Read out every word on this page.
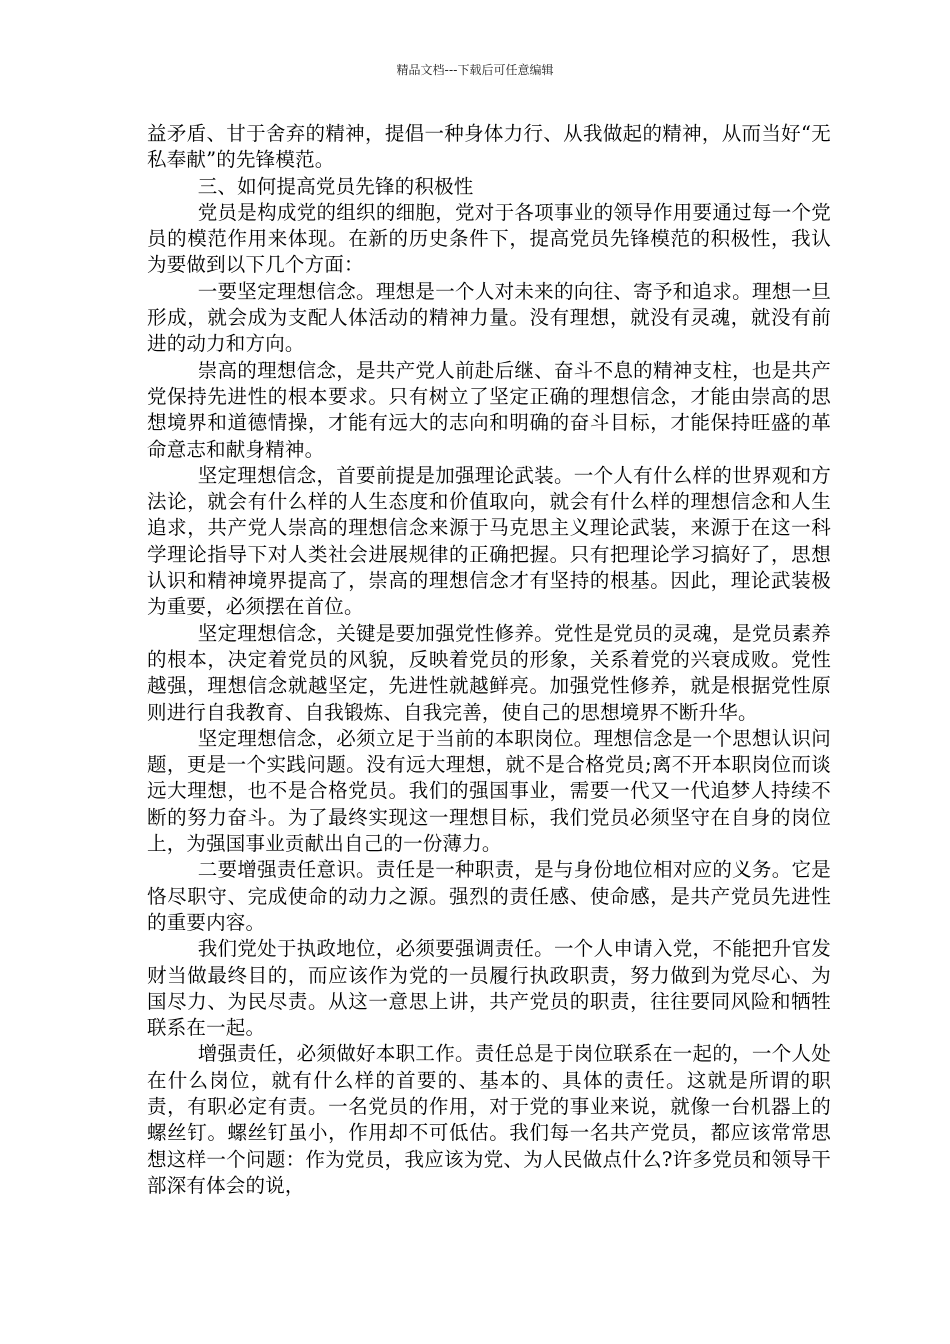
精品文档---下载后可任意编辑

益矛盾、甘于舍弃的精神，提倡一种身体力行、从我做起的精神，从而当好“无私奉献”的先锋模范。

三、如何提高党员先锋的积极性

党员是构成党的组织的细胞，党对于各项事业的领导作用要通过每一个党员的模范作用来体现。在新的历史条件下，提高党员先锋模范的积极性，我认为要做到以下几个方面：

一要坚定理想信念。理想是一个人对未来的向往、寄予和追求。理想一旦形成，就会成为支配人体活动的精神力量。没有理想，就没有灵魂，就没有前进的动力和方向。

崇高的理想信念，是共产党人前赴后继、奋斗不息的精神支柱，也是共产党保持先进性的根本要求。只有树立了坚定正确的理想信念，才能由崇高的思想境界和道德情操，才能有远大的志向和明确的奋斗目标，才能保持旺盛的革命意志和献身精神。

坚定理想信念，首要前提是加强理论武装。一个人有什么样的世界观和方法论，就会有什么样的人生态度和价值取向，就会有什么样的理想信念和人生追求，共产党人崇高的理想信念来源于马克思主义理论武装，来源于在这一科学理论指导下对人类社会进展规律的正确把握。只有把理论学习搞好了，思想认识和精神境界提高了，崇高的理想信念才有坚持的根基。因此，理论武装极为重要，必须摆在首位。

坚定理想信念，关键是要加强党性修养。党性是党员的灵魂，是党员素养的根本，决定着党员的风貌，反映着党员的形象，关系着党的兴衰成败。党性越强，理想信念就越坚定，先进性就越鲜亮。加强党性修养，就是根据党性原则进行自我教育、自我锻炼、自我完善，使自己的思想境界不断升华。

坚定理想信念，必须立足于当前的本职岗位。理想信念是一个思想认识问题，更是一个实践问题。没有远大理想，就不是合格党员;离不开本职岗位而谈远大理想，也不是合格党员。我们的强国事业，需要一代又一代追梦人持续不断的努力奋斗。为了最终实现这一理想目标，我们党员必须坚守在自身的岗位上，为强国事业贡献出自己的一份薄力。

二要增强责任意识。责任是一种职责，是与身份地位相对应的义务。它是恪尽职守、完成使命的动力之源。强烈的责任感、使命感，是共产党员先进性的重要内容。

我们党处于执政地位，必须要强调责任。一个人申请入党，不能把升官发财当做最终目的，而应该作为党的一员履行执政职责，努力做到为党尽心、为国尽力、为民尽责。从这一意思上讲，共产党员的职责，往往要同风险和牺牲联系在一起。

增强责任，必须做好本职工作。责任总是于岗位联系在一起的，一个人处在什么岗位，就有什么样的首要的、基本的、具体的责任。这就是所谓的职责，有职必定有责。一名党员的作用，对于党的事业来说，就像一台机器上的螺丝钉。螺丝钉虽小，作用却不可低估。我们每一名共产党员，都应该常常思想这样一个问题：作为党员，我应该为党、为人民做点什么?许多党员和领导干部深有体会的说，
